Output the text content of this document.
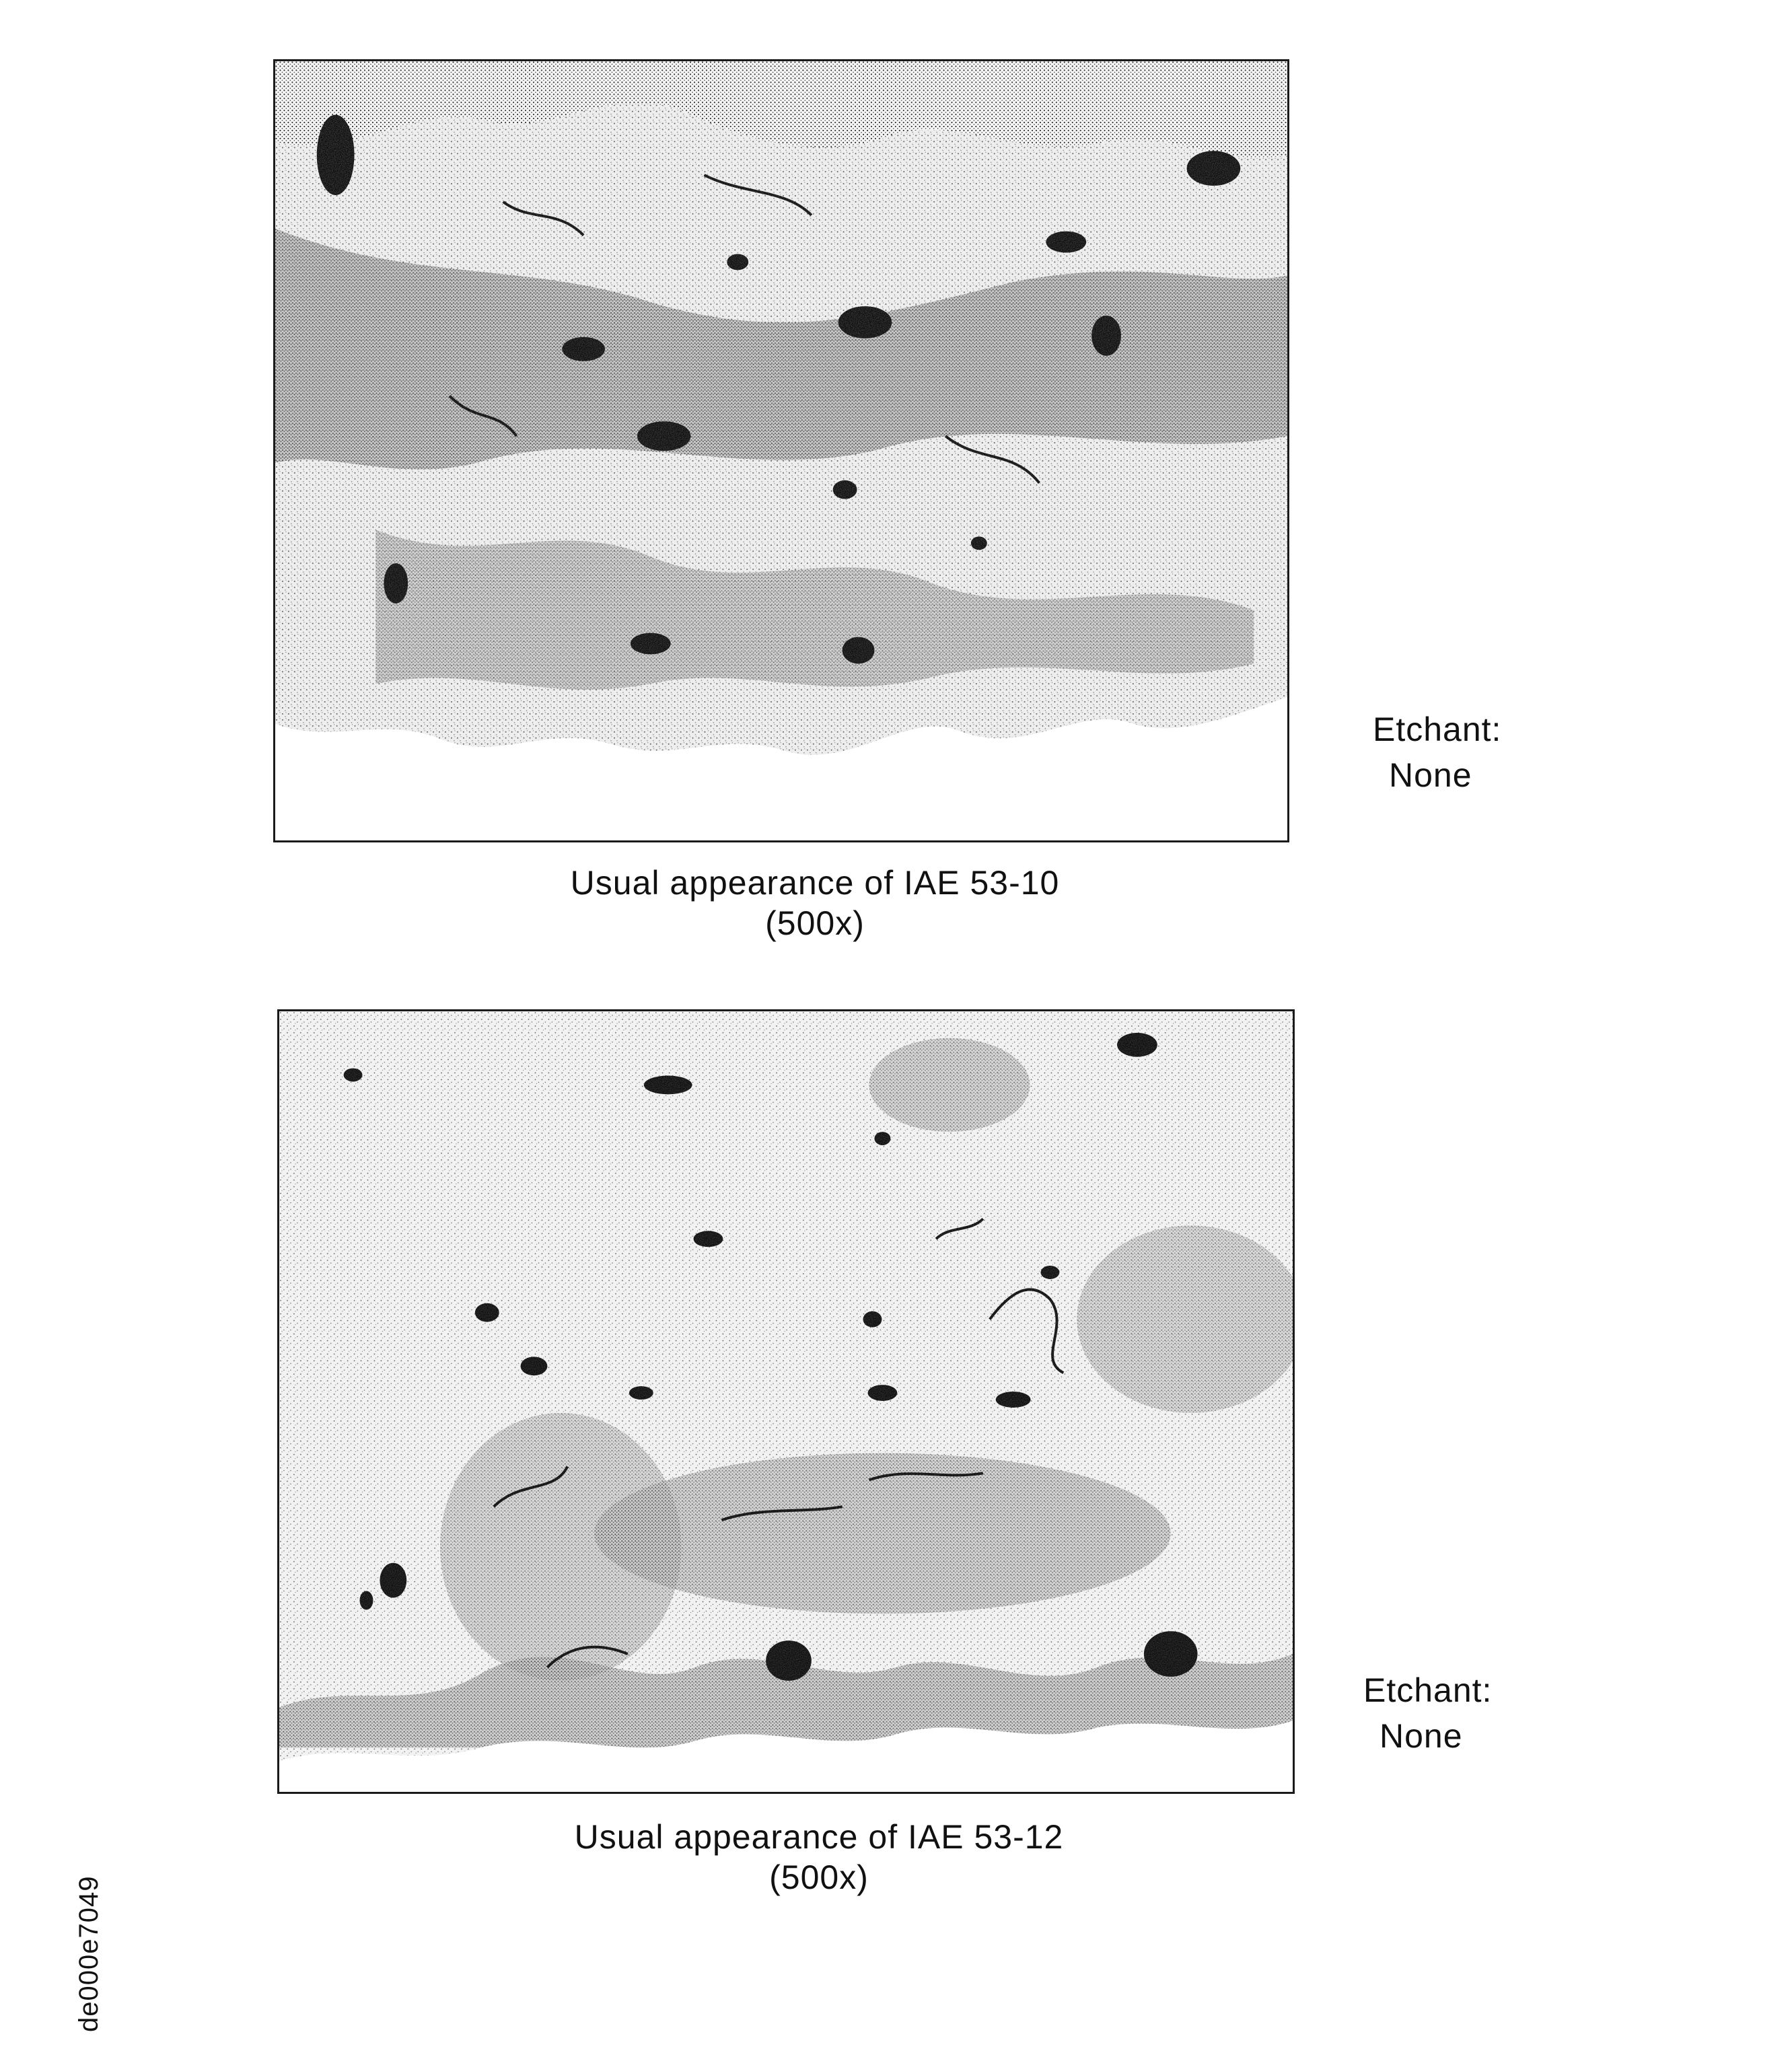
Usual appearance of IAE 53-10
(500x)
Etchant:
None
Usual appearance of IAE 53-12
(500x)
Etchant:
None
de000e7049
